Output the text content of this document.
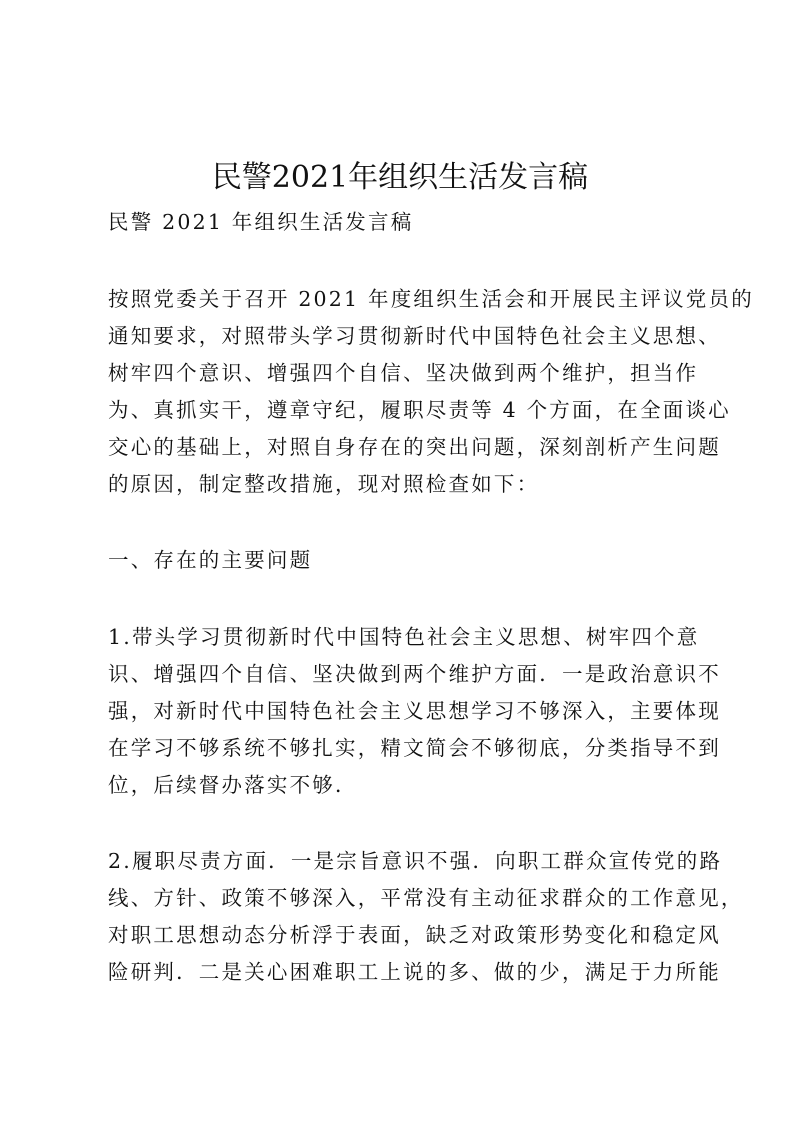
民警2021年组织生活发言稿
民警 2021 年组织生活发言稿
按照党委关于召开 2021 年度组织生活会和开展民主评议党员的
通知要求，对照带头学习贯彻新时代中国特色社会主义思想、
树牢四个意识、增强四个自信、坚决做到两个维护，担当作
为、真抓实干，遵章守纪，履职尽责等 4 个方面，在全面谈心
交心的基础上，对照自身存在的突出问题，深刻剖析产生问题
的原因，制定整改措施，现对照检查如下：
一、存在的主要问题
1.带头学习贯彻新时代中国特色社会主义思想、树牢四个意
识、增强四个自信、坚决做到两个维护方面．一是政治意识不
强，对新时代中国特色社会主义思想学习不够深入，主要体现
在学习不够系统不够扎实，精文简会不够彻底，分类指导不到
位，后续督办落实不够．
2.履职尽责方面．一是宗旨意识不强．向职工群众宣传党的路
线、方针、政策不够深入，平常没有主动征求群众的工作意见，
对职工思想动态分析浮于表面，缺乏对政策形势变化和稳定风
险研判．二是关心困难职工上说的多、做的少，满足于力所能
